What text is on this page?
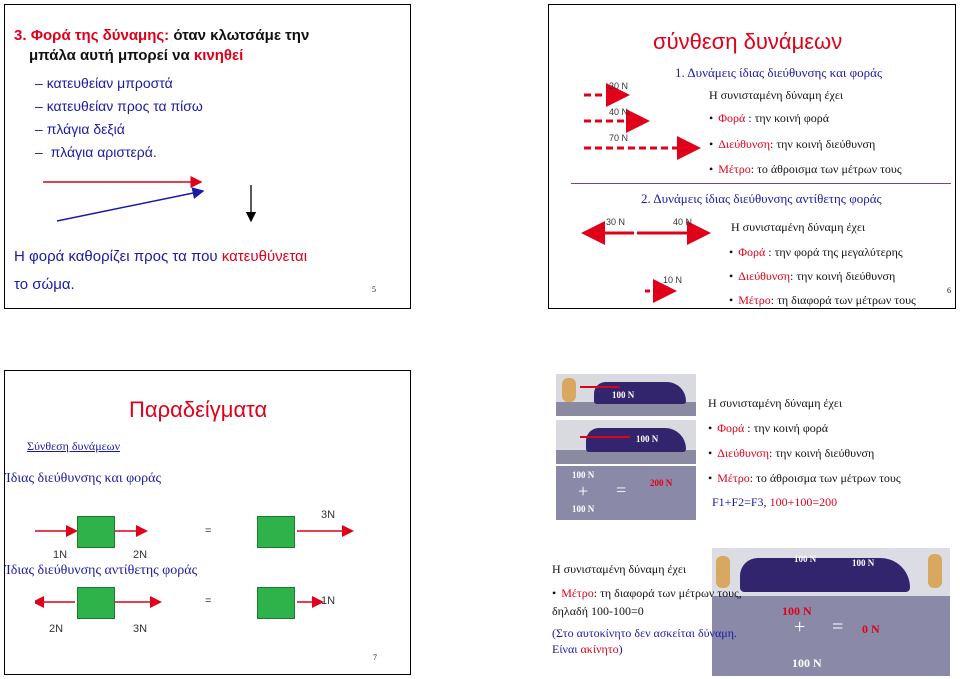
3. Φορά της δύναμης: όταν κλωτσάμε την
μπάλα αυτή μπορεί να κινηθεί
– κατευθείαν μπροστά
– κατευθείαν προς τα πίσω
– πλάγια δεξιά
–  πλάγια αριστερά.
Η φορά καθορίζει προς τα που κατευθύνεται
το σώμα.	5
σύνθεση δυνάμεων
1. Δυνάμεις ίδιας διεύθυνσης και φοράς
Η συνισταμένη δύναμη έχει
• Φορά : την κοινή φορά
• Διεύθυνση: την κοινή διεύθυνση
• Μέτρο: το άθροισμα των μέτρων τους
30 N
40 N
70 N
2. Δυνάμεις ίδιας διεύθυνσης αντίθετης φοράς
Η συνισταμένη δύναμη έχει
• Φορά : την φορά της μεγαλύτερης
• Διεύθυνση: την κοινή διεύθυνση
• Μέτρο: τη διαφορά των μέτρων τους
30 N	40 N
10 N
6
Παραδείγματα
Σύνθεση δυνάμεων
Ίδιας διεύθυνσης και φοράς
=
3N
1N	2N
Ίδιας διεύθυνσης αντίθετης φοράς
=	1N
2N	3N
7
100 N
100 N
100 N
+
100 N
=	200 N
Η συνισταμένη δύναμη έχει
• Φορά : την κοινή φορά
• Διεύθυνση: την κοινή διεύθυνση
• Μέτρο: το άθροισμα των μέτρων τους
F1+F2=F3, 100+100=200
100 N	100 N
100 N
+ = 0 N
100 N
Η συνισταμένη δύναμη έχει
• Μέτρο: τη διαφορά των μέτρων τους,
δηλαδή 100-100=0
(Στο αυτοκίνητο δεν ασκείται δύναμη.
Είναι ακίνητο)
